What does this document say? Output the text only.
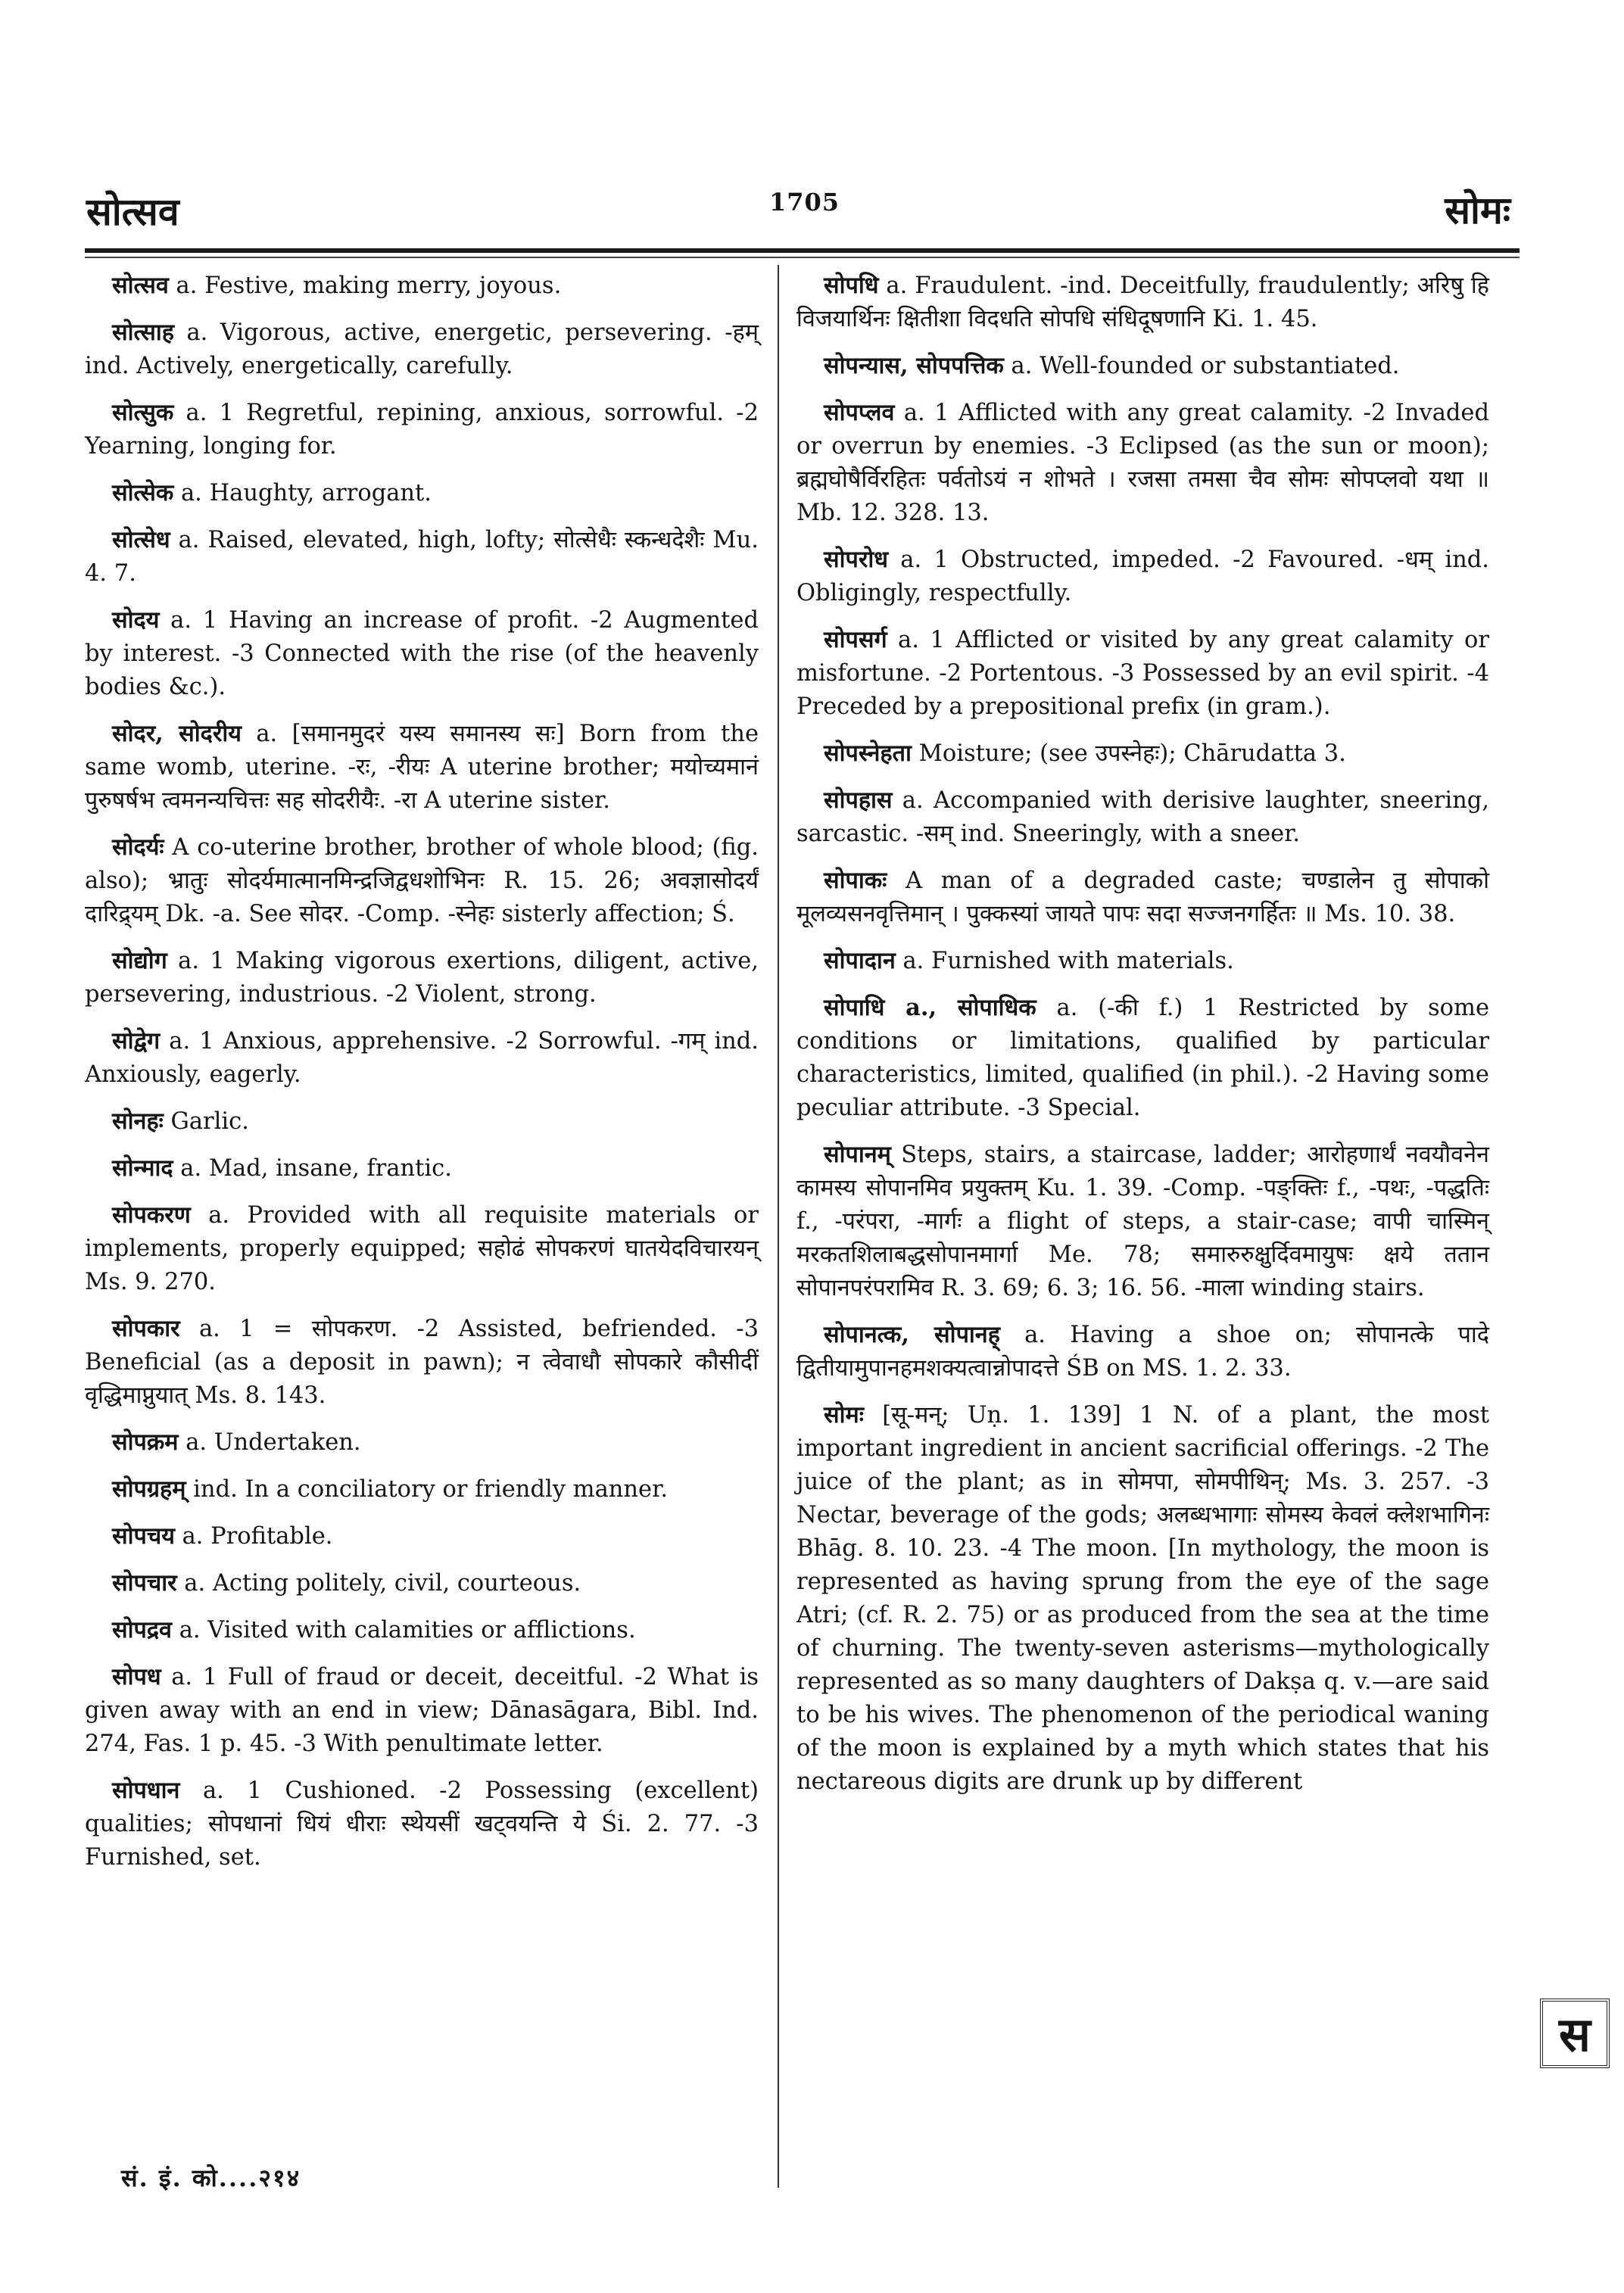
सोत्सव	1705	सोमः

सोत्सव a. Festive, making merry, joyous.

सोत्साह a. Vigorous, active, energetic, persevering. -हम् ind. Actively, energetically, carefully.

सोत्सुक a. 1 Regretful, repining, anxious, sorrowful. -2 Yearning, longing for.

सोत्सेक a. Haughty, arrogant.

सोत्सेध a. Raised, elevated, high, lofty; सोत्सेधैः स्कन्धदेशैः Mu. 4. 7.

सोदय a. 1 Having an increase of profit. -2 Augmented by interest. -3 Connected with the rise (of the heavenly bodies &c.).

सोदर, सोदरीय a. [समानमुदरं यस्य समानस्य सः] Born from the same womb, uterine. -रः, -रीयः A uterine brother; मयोच्यमानं पुरुषर्षभ त्वमनन्यचित्तः सह सोदरीयैः. -रा A uterine sister.

सोदर्यः A co-uterine brother, brother of whole blood; (fig. also); भ्रातुः सोदर्यमात्मानमिन्द्रजिद्वधशोभिनः R. 15. 26; अवज्ञासोदर्यं दारिद्र्यम् Dk. -a. See सोदर. -Comp. -स्नेहः sisterly affection; Ś.

सोद्योग a. 1 Making vigorous exertions, diligent, active, persevering, industrious. -2 Violent, strong.

सोद्वेग a. 1 Anxious, apprehensive. -2 Sorrowful. -गम् ind. Anxiously, eagerly.

सोनहः Garlic.

सोन्माद a. Mad, insane, frantic.

सोपकरण a. Provided with all requisite materials or implements, properly equipped; सहोढं सोपकरणं घातयेदविचारयन् Ms. 9. 270.

सोपकार a. 1 = सोपकरण. -2 Assisted, befriended. -3 Beneficial (as a deposit in pawn); न त्वेवाधौ सोपकारे कौसीदीं वृद्धिमाप्नुयात् Ms. 8. 143.

सोपक्रम a. Undertaken.

सोपग्रहम् ind. In a conciliatory or friendly manner.

सोपचय a. Profitable.

सोपचार a. Acting politely, civil, courteous.

सोपद्रव a. Visited with calamities or afflictions.

सोपध a. 1 Full of fraud or deceit, deceitful. -2 What is given away with an end in view; Dānasāgara, Bibl. Ind. 274, Fas. 1 p. 45. -3 With penultimate letter.

सोपधान a. 1 Cushioned. -2 Possessing (excellent) qualities; सोपधानां धियं धीराः स्थेयसीं खट्वयन्ति ये Śi. 2. 77. -3 Furnished, set.

सोपधि a. Fraudulent. -ind. Deceitfully, fraudulently; अरिषु हि विजयार्थिनः क्षितीशा विदधति सोपधि संधिदूषणानि Ki. 1. 45.

सोपन्यास, सोपपत्तिक a. Well-founded or substantiated.

सोपप्लव a. 1 Afflicted with any great calamity. -2 Invaded or overrun by enemies. -3 Eclipsed (as the sun or moon); ब्रह्मघोषैर्विरहितः पर्वतोऽयं न शोभते । रजसा तमसा चैव सोमः सोपप्लवो यथा ॥ Mb. 12. 328. 13.

सोपरोध a. 1 Obstructed, impeded. -2 Favoured. -धम् ind. Obligingly, respectfully.

सोपसर्ग a. 1 Afflicted or visited by any great calamity or misfortune. -2 Portentous. -3 Possessed by an evil spirit. -4 Preceded by a prepositional prefix (in gram.).

सोपस्नेहता Moisture; (see उपस्नेहः); Chārudatta 3.

सोपहास a. Accompanied with derisive laughter, sneering, sarcastic. -सम् ind. Sneeringly, with a sneer.

सोपाकः A man of a degraded caste; चण्डालेन तु सोपाको मूलव्यसनवृत्तिमान् । पुक्कस्यां जायते पापः सदा सज्जनगर्हितः ॥ Ms. 10. 38.

सोपादान a. Furnished with materials.

सोपाधि a., सोपाधिक a. (-की f.) 1 Restricted by some conditions or limitations, qualified by particular characteristics, limited, qualified (in phil.). -2 Having some peculiar attribute. -3 Special.

सोपानम् Steps, stairs, a staircase, ladder; आरोहणार्थं नवयौवनेन कामस्य सोपानमिव प्रयुक्तम् Ku. 1. 39. -Comp. -पङ्क्तिः f., -पथः, -पद्धतिः f., -परंपरा, -मार्गः a flight of steps, a stair-case; वापी चास्मिन् मरकतशिलाबद्धसोपानमार्गा Me. 78; समारुरुक्षुर्दिवमायुषः क्षये ततान सोपानपरंपरामिव R. 3. 69; 6. 3; 16. 56. -माला winding stairs.

सोपानत्क, सोपानह् a. Having a shoe on; सोपानत्के पादे द्वितीयामुपानहमशक्यत्वान्नोपादत्ते ŚB on MS. 1. 2. 33.

सोमः [सू-मन्; Uṇ. 1. 139] 1 N. of a plant, the most important ingredient in ancient sacrificial offerings. -2 The juice of the plant; as in सोमपा, सोमपीथिन्; Ms. 3. 257. -3 Nectar, beverage of the gods; अलब्धभागाः सोमस्य केवलं क्लेशभागिनः Bhāg. 8. 10. 23. -4 The moon. [In mythology, the moon is represented as having sprung from the eye of the sage Atri; (cf. R. 2. 75) or as produced from the sea at the time of churning. The twenty-seven asterisms—mythologically represented as so many daughters of Dakṣa q. v.—are said to be his wives. The phenomenon of the periodical waning of the moon is explained by a myth which states that his nectareous digits are drunk up by different

सं. इं. को....२१४
स
